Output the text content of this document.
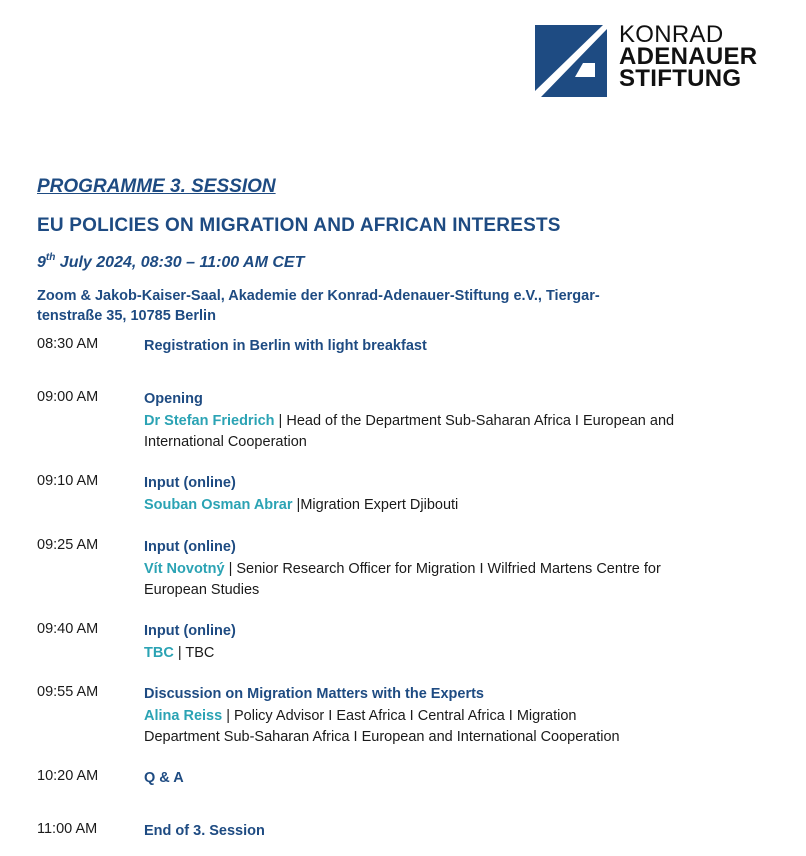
KONRAD
ADENAUER
STIFTUNG
PROGRAMME 3. SESSION
EU POLICIES ON MIGRATION AND AFRICAN INTERESTS
9th July 2024, 08:30 – 11:00 AM CET
Zoom & Jakob-Kaiser-Saal, Akademie der Konrad-Adenauer-Stiftung e.V., Tiergar-
tenstraße 35, 10785 Berlin
08:30 AM	Registration in Berlin with light breakfast
09:00 AM	Opening
Dr Stefan Friedrich | Head of the Department Sub-Saharan Africa I European and
International Cooperation
09:10 AM	Input (online)
Souban Osman Abrar |Migration Expert Djibouti
09:25 AM	Input (online)
Vít Novotný | Senior Research Officer for Migration I Wilfried Martens Centre for
European Studies
09:40 AM	Input (online)
TBC | TBC
09:55 AM	Discussion on Migration Matters with the Experts
Alina Reiss | Policy Advisor I East Africa I Central Africa I Migration
Department Sub-Saharan Africa I European and International Cooperation
10:20 AM	Q & A
11:00 AM	End of 3. Session
